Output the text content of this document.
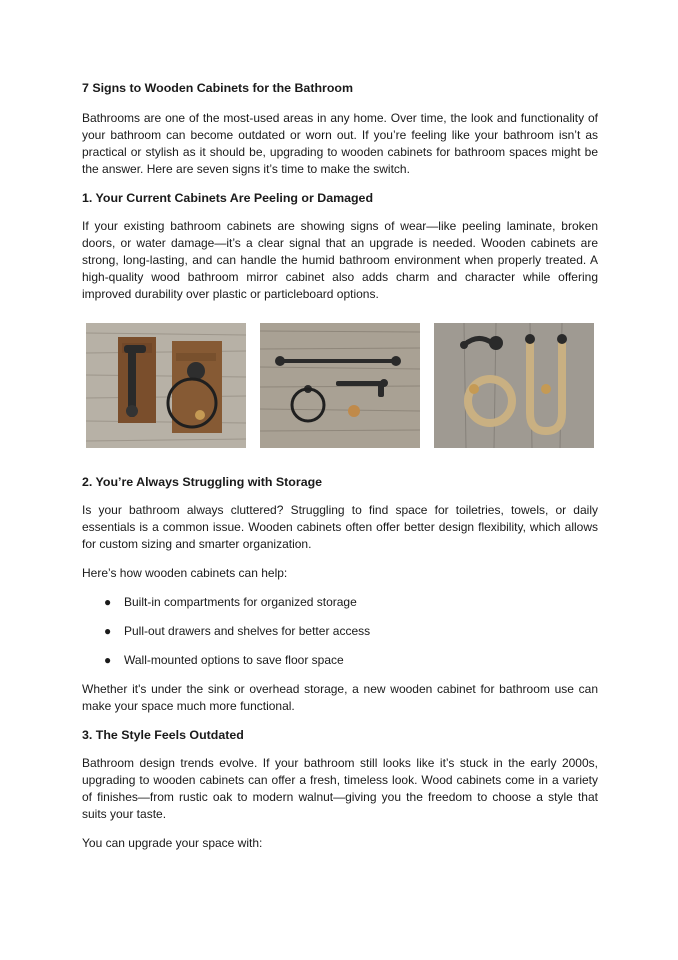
7 Signs to Wooden Cabinets for the Bathroom

Bathrooms are one of the most-used areas in any home. Over time, the look and functionality of your bathroom can become outdated or worn out. If you’re feeling like your bathroom isn’t as practical or stylish as it should be, upgrading to wooden cabinets for bathroom spaces might be the answer. Here are seven signs it’s time to make the switch.

1. Your Current Cabinets Are Peeling or Damaged

If your existing bathroom cabinets are showing signs of wear—like peeling laminate, broken doors, or water damage—it’s a clear signal that an upgrade is needed. Wooden cabinets are strong, long-lasting, and can handle the humid bathroom environment when properly treated. A high-quality wood bathroom mirror cabinet also adds charm and character while offering improved durability over plastic or particleboard options.

2. You’re Always Struggling with Storage

Is your bathroom always cluttered? Struggling to find space for toiletries, towels, or daily essentials is a common issue. Wooden cabinets often offer better design flexibility, which allows for custom sizing and smarter organization.

Here’s how wooden cabinets can help:

● Built-in compartments for organized storage
● Pull-out drawers and shelves for better access
● Wall-mounted options to save floor space

Whether it's under the sink or overhead storage, a new wooden cabinet for bathroom use can make your space much more functional.

3. The Style Feels Outdated

Bathroom design trends evolve. If your bathroom still looks like it’s stuck in the early 2000s, upgrading to wooden cabinets can offer a fresh, timeless look. Wood cabinets come in a variety of finishes—from rustic oak to modern walnut—giving you the freedom to choose a style that suits your taste.

You can upgrade your space with:
